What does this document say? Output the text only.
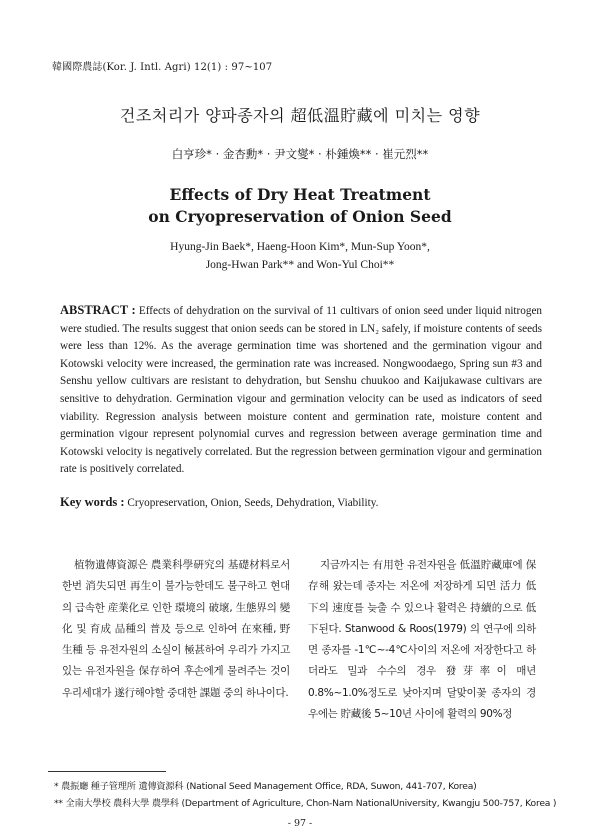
韓國際農誌(Kor. J. Intl. Agri) 12(1) : 97~107
건조처리가 양파종자의 超低溫貯藏에 미치는 영향
白亨珍* · 金杏勳* · 尹文燮* · 朴鍾煥** · 崔元烈**
Effects of Dry Heat Treatment
on Cryopreservation of Onion Seed
Hyung-Jin Baek*, Haeng-Hoon Kim*, Mun-Sup Yoon*,
Jong-Hwan Park** and Won-Yul Choi**
ABSTRACT : Effects of dehydration on the survival of 11 cultivars of onion seed under liquid nitrogen were studied. The results suggest that onion seeds can be stored in LN₂ safely, if moisture contents of seeds were less than 12%. As the average germination time was shortened and the germination vigour and Kotowski velocity were increased, the germination rate was increased. Nongwoodaego, Spring sun #3 and Senshu yellow cultivars are resistant to dehydration, but Senshu chuukoo and Kaijukawase cultivars are sensitive to dehydration. Germination vigour and germination velocity can be used as indicators of seed viability. Regression analysis between moisture content and germination rate, moisture content and germination vigour represent polynomial curves and regression between average germination time and Kotowski velocity is negatively correlated. But the regression between germination vigour and germination rate is positively correlated.
Key words : Cryopreservation, Onion, Seeds, Dehydration, Viability.
植物遺傳資源은 農業科學硏究의 基礎材料로서 한번 消失되면 再生이 불가능한데도 불구하고 현대의 급속한 産業化로 인한 環境의 破壞, 生態界의 變化 및 育成 品種의 普及 등으로 인하여 在來種, 野生種 등 유전자원의 소실이 極甚하여 우리가 가지고 있는 유전자원을 保存하여 후손에게 물려주는 것이 우리세대가 遂行해야할 중대한 課題 중의 하나이다.
지금까지는 有用한 유전자원을 低溫貯藏庫에 保存해 왔는데 종자는 저온에 저장하게 되면 活力 低下의 速度를 늦출 수 있으나 활력은 持續的으로 低下된다. Stanwood & Roos(1979) 의 연구에 의하면 종자를 -1℃~-4℃사이의 저온에 저장한다고 하더라도 밀과 수수의 경우 發芽率이 매년 0.8%~1.0%정도로 낮아지며 달맞이꽃 종자의 경우에는 貯藏後 5~10년 사이에 활력의 90%정
* 農振廳 種子管理所 遺傳資源科 (National Seed Management Office, RDA, Suwon, 441-707, Korea)
** 全南大學校 農科大學 農學科 (Department of Agriculture, Chon-Nam NationalUniversity, Kwangju 500-757, Korea )
- 97 -
